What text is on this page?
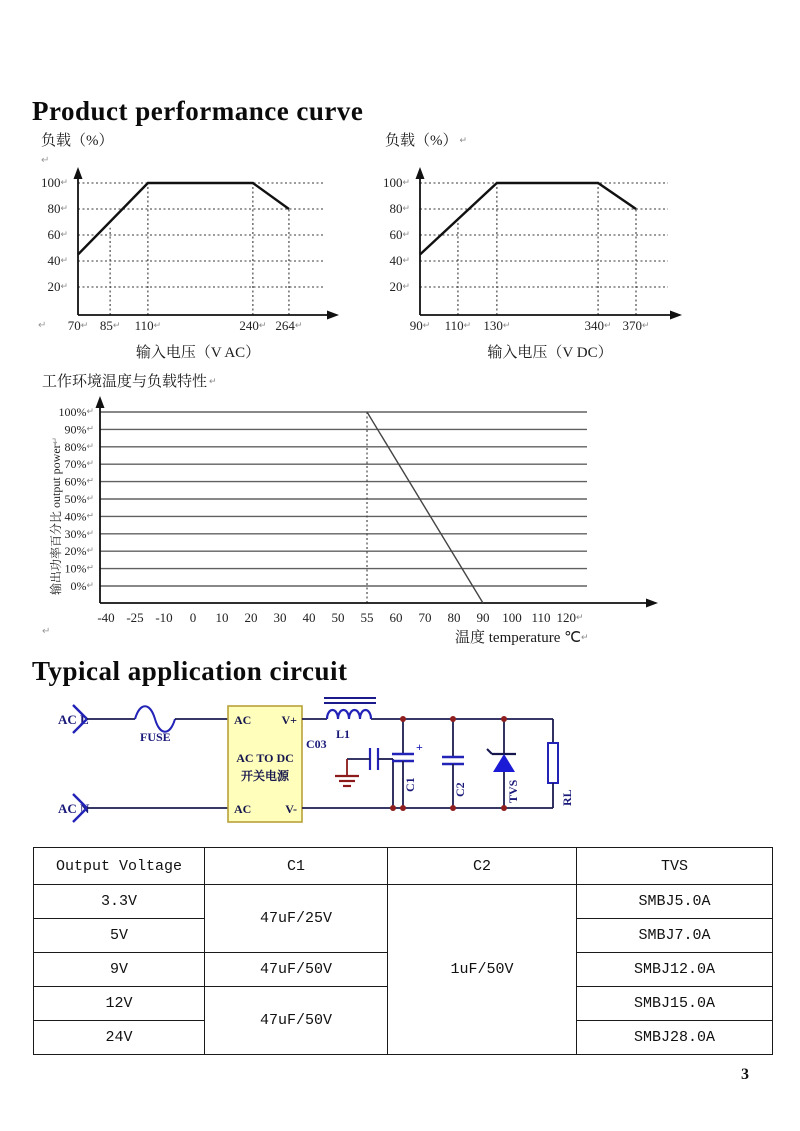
Product performance curve
负载（%）
↵
↵
100↵
80↵
60↵
40↵
20↵
70↵ 85↵ 110↵	240↵ 264↵
输入电压（V AC）
负载（%） ↵
100↵
80↵
60↵
40↵
20↵
90↵ 110↵ 130↵	340↵ 370↵
输入电压（V DC）
工作环境温度与负载特性 ↵
↵
100%↵
90%↵
80%↵
70%↵
60%↵
50%↵
40%↵
30%↵
20%↵
10%↵
0%↵
-40 -25 -10 0 10 20 30 40 50 55 60 70 80 90 100 110 120↵
温度 temperature ℃↵
输出功率百分比 output power↵
Typical application circuit
AC L
AC N
FUSE
AC	V+
AC TO DC
开关电源
AC	V-
L1
C03	+
C1	C2	TVS	RL
Output Voltage	C1	C2	TVS
3.3V	47uF/25V	1uF/50V	SMBJ5.0A
5V			SMBJ7.0A
9V	47uF/50V		SMBJ12.0A
12V	47uF/50V		SMBJ15.0A
24V			SMBJ28.0A
3
